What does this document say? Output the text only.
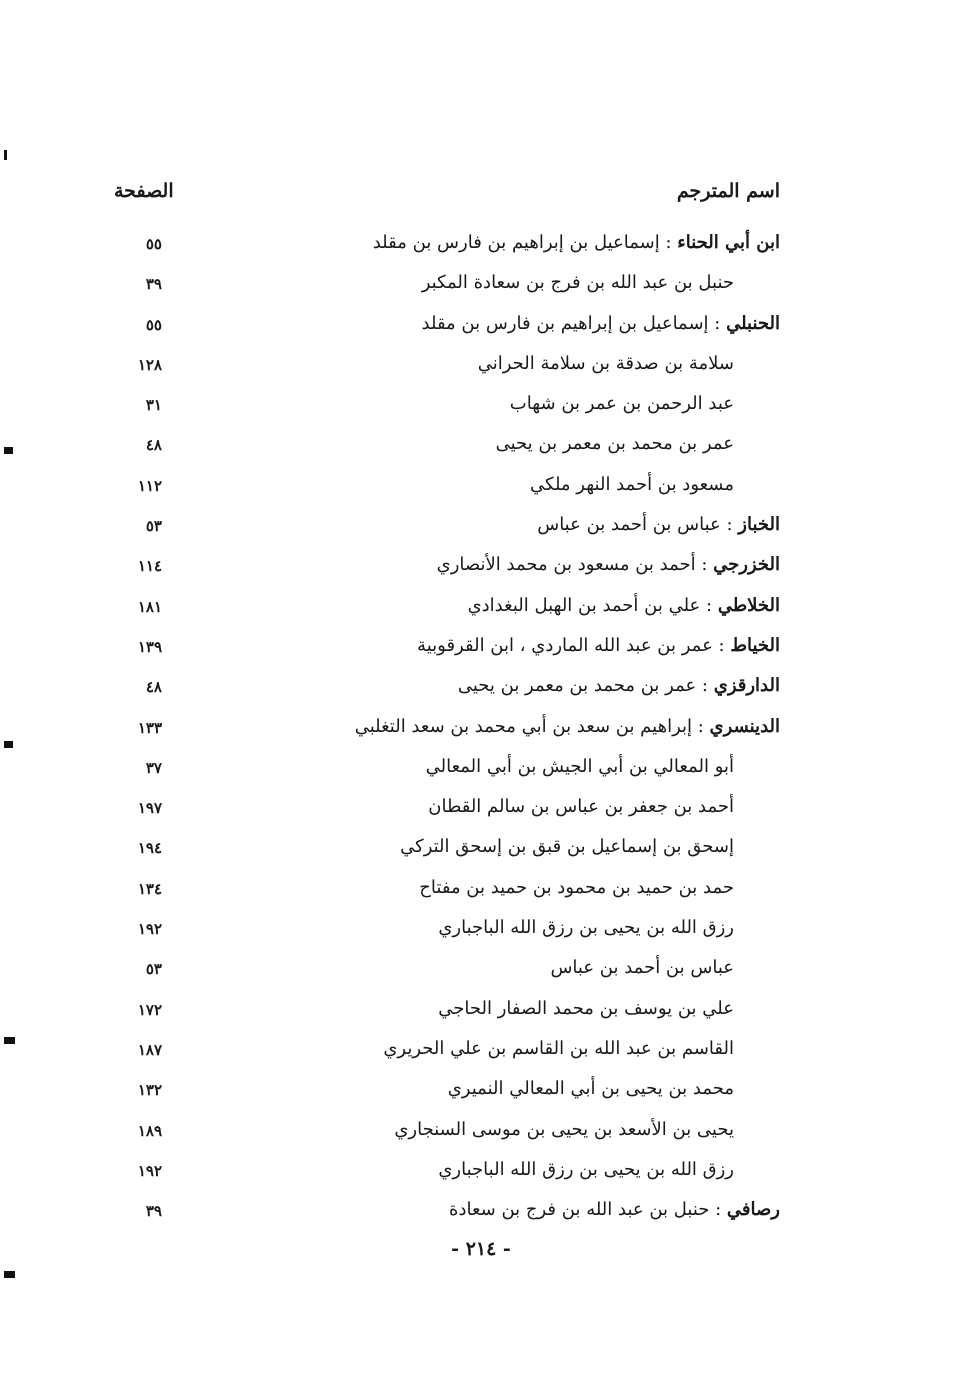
اسم المترجم
الصفحة
ابن أبي الحناء : إسماعيل بن إبراهيم بن فارس بن مقلد
٥٥
حنبل بن عبد الله بن فرج بن سعادة المكبر
٣٩
الحنبلي : إسماعيل بن إبراهيم بن فارس بن مقلد
٥٥
سلامة بن صدقة بن سلامة الحراني
١٢٨
عبد الرحمن بن عمر بن شهاب
٣١
عمر بن محمد بن معمر بن يحيى
٤٨
مسعود بن أحمد النهر ملكي
١١٢
الخباز : عباس بن أحمد بن عباس
٥٣
الخزرجي : أحمد بن مسعود بن محمد الأنصاري
١١٤
الخلاطي : علي بن أحمد بن الهبل البغدادي
١٨١
الخياط : عمر بن عبد الله الماردي ، ابن القرقوبية
١٣٩
الدارقزي : عمر بن محمد بن معمر بن يحيى
٤٨
الدينسري : إبراهيم بن سعد بن أبي محمد بن سعد التغلبي
١٣٣
أبو المعالي بن أبي الجيش بن أبي المعالي
٣٧
أحمد بن جعفر بن عباس بن سالم القطان
١٩٧
إسحق بن إسماعيل بن قبق بن إسحق التركي
١٩٤
حمد بن حميد بن محمود بن حميد بن مفتاح
١٣٤
رزق الله بن يحيى بن رزق الله الباجباري
١٩٢
عباس بن أحمد بن عباس
٥٣
علي بن يوسف بن محمد الصفار الحاجي
١٧٢
القاسم بن عبد الله بن القاسم بن علي الحريري
١٨٧
محمد بن يحيى بن أبي المعالي النميري
١٣٢
يحيى بن الأسعد بن يحيى بن موسى السنجاري
١٨٩
رزق الله بن يحيى بن رزق الله الباجباري
١٩٢
رصافي : حنبل بن عبد الله بن فرج بن سعادة
٣٩
- ٢١٤ -
